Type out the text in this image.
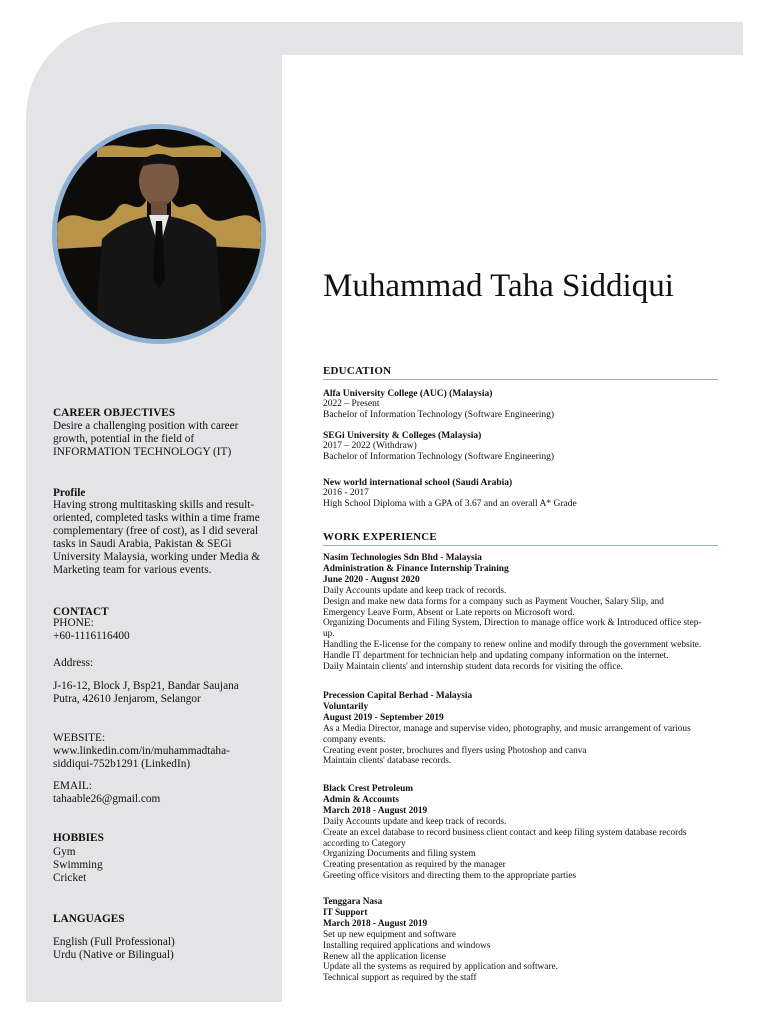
CAREER OBJECTIVES

Desire a challenging position with career

growth, potential in the field of

INFORMATION TECHNOLOGY (IT)

Profile

Having strong multitasking skills and result-

oriented, completed tasks within a time frame

complementary (free of cost), as I did several

tasks in Saudi Arabia, Pakistan & SEGi

University Malaysia, working under Media &

Marketing team for various events.

CONTACT

PHONE:

+60-1116116400

Address:

J-16-12, Block J, Bsp21, Bandar Saujana

Putra, 42610 Jenjarom, Selangor

WEBSITE:

www.linkedin.com/in/muhammadtaha-

siddiqui-752b1291 (LinkedIn)

EMAIL:

tahaable26@gmail.com

HOBBIES

Gym

Swimming

Cricket

LANGUAGES

English (Full Professional)

Urdu (Native or Bilingual)

Muhammad Taha Siddiqui
EDUCATION
Alfa University College (AUC) (Malaysia)
2022 – Present
Bachelor of Information Technology (Software Engineering)
SEGi University & Colleges (Malaysia)
2017 – 2022 (Withdraw)
Bachelor of Information Technology (Software Engineering)
New world international school (Saudi Arabia)
2016 - 2017
High School Diploma with a GPA of 3.67 and an overall A* Grade
WORK EXPERIENCE
Nasim Technologies Sdn Bhd - Malaysia
Administration & Finance Internship Training
June 2020 - August 2020
Daily Accounts update and keep track of records.
Design and make new data forms for a company such as Payment Voucher, Salary Slip, and
Emergency Leave Form, Absent or Late reports on Microsoft word.
Organizing Documents and Filing System, Direction to manage office work & Introduced office step-
up.
Handling the E-license for the company to renew online and modify through the government website.
Handle IT department for technician help and updating company information on the internet.
Daily Maintain clients' and internship student data records for visiting the office.
Precession Capital Berhad - Malaysia
Voluntarily
August 2019 - September 2019
As a Media Director, manage and supervise video, photography, and music arrangement of various
company events.
Creating event poster, brochures and flyers using Photoshop and canva
Maintain clients' database records.
Black Crest Petroleum
Admin & Accounts
March 2018 - August 2019
Daily Accounts update and keep track of records.
Create an excel database to record business client contact and keep filing system database records
according to Category
Organizing Documents and filing system
Creating presentation as required by the manager
Greeting office visitors and directing them to the appropriate parties
Tenggara Nasa
IT Support
March 2018 - August 2019
Set up new equipment and software
Installing required applications and windows
Renew all the application license
Update all the systems as required by application and software.
Technical support as required by the staff
